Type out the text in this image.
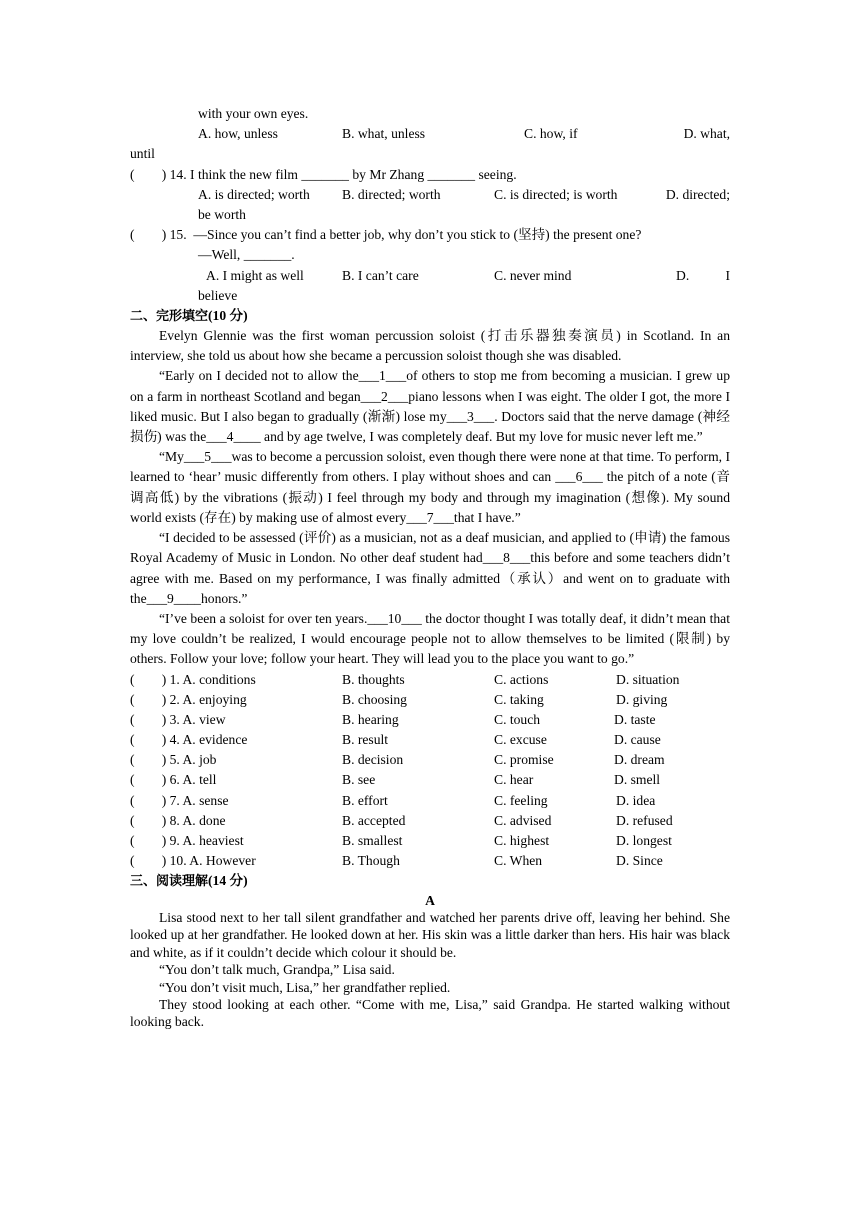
with your own eyes.
A. how, unless	B. what, unless	C. how, if	D. what,
until
(        ) 14. I think the new film _______ by Mr Zhang _______ seeing.
A. is directed; worth B. directed; worth	C. is directed; is worth	D. directed;
be worth
(        ) 15.  —Since you can’t find a better job, why don’t you stick to (坚持) the present one?
—Well, _______.
A. I might as well	B. I can’t care	C. never mind	D.	I
believe
二、完形填空(10 分)
Evelyn Glennie was the first woman percussion soloist (打击乐器独奏演员) in Scotland. In an interview, she told us about how she became a percussion soloist though she was disabled.
“Early on I decided not to allow the___1___of others to stop me from becoming a musician. I grew up on a farm in northeast Scotland and began___2___piano lessons when I was eight. The older I got, the more I liked music. But I also began to gradually (渐渐) lose my___3___. Doctors said that the nerve damage (神经损伤) was the___4____ and by age twelve, I was completely deaf. But my love for music never left me.”
“My___5___was to become a percussion soloist, even though there were none at that time. To perform, I learned to ‘hear’ music differently from others. I play without shoes and can ___6___ the pitch of a note (音调高低) by the vibrations (振动) I feel through my body and through my imagination (想像). My sound world exists (存在) by making use of almost every___7___that I have.”
“I decided to be assessed (评价) as a musician, not as a deaf musician, and applied to (申请) the famous Royal Academy of Music in London. No other deaf student had___8___this before and some teachers didn’t agree with me. Based on my performance, I was finally admitted（承认）and went on to graduate with the___9____honors.”
“I’ve been a soloist for over ten years.___10___ the doctor thought I was totally deaf, it didn’t mean that my love couldn’t be realized, I would encourage people not to allow themselves to be limited (限制) by others. Follow your love; follow your heart. They will lead you to the place you want to go.”
(        ) 1. A. conditions	B. thoughts	C. actions	D. situation
(        ) 2. A. enjoying	B. choosing	C. taking	D. giving
(        ) 3. A. view	B. hearing	C. touch	D. taste
(        ) 4. A. evidence	B. result	C. excuse	D. cause
(        ) 5. A. job	B. decision	C. promise	D. dream
(        ) 6. A. tell	B. see	C. hear	D. smell
(        ) 7. A. sense	B. effort	C. feeling	D. idea
(        ) 8. A. done	B. accepted	C. advised	D. refused
(        ) 9. A. heaviest	B. smallest	C. highest	D. longest
(        ) 10. A. However	B. Though	C. When	D. Since
三、阅读理解(14 分)
A
Lisa stood next to her tall silent grandfather and watched her parents drive off, leaving her behind. She looked up at her grandfather. He looked down at her. His skin was a little darker than hers. His hair was black and white, as if it couldn’t decide which colour it should be.
“You don’t talk much, Grandpa,” Lisa said.
“You don’t visit much, Lisa,” her grandfather replied.
They stood looking at each other. “Come with me, Lisa,” said Grandpa. He started walking without looking back.
